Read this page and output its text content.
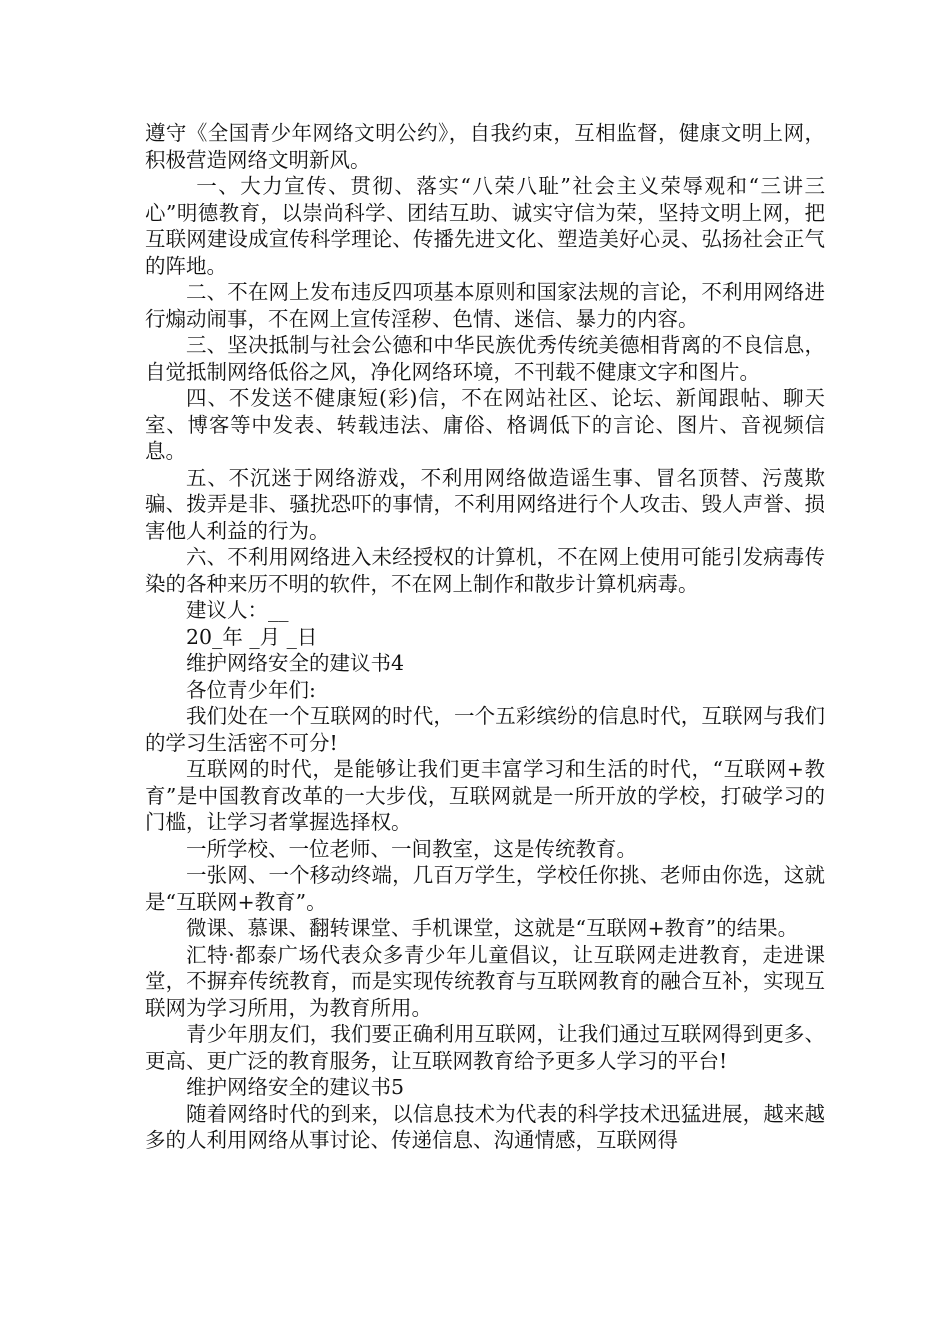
遵守《全国青少年网络文明公约》，自我约束，互相监督，健康文明上网，积极营造网络文明新风。

一、大力宣传、贯彻、落实“八荣八耻”社会主义荣辱观和“三讲三心”明德教育，以崇尚科学、团结互助、诚实守信为荣，坚持文明上网，把互联网建设成宣传科学理论、传播先进文化、塑造美好心灵、弘扬社会正气的阵地。

二、不在网上发布违反四项基本原则和国家法规的言论，不利用网络进行煽动闹事，不在网上宣传淫秽、色情、迷信、暴力的内容。

三、坚决抵制与社会公德和中华民族优秀传统美德相背离的不良信息，自觉抵制网络低俗之风，净化网络环境，不刊载不健康文字和图片。

四、不发送不健康短(彩)信，不在网站社区、论坛、新闻跟帖、聊天室、博客等中发表、转载违法、庸俗、格调低下的言论、图片、音视频信息。

五、不沉迷于网络游戏，不利用网络做造谣生事、冒名顶替、污蔑欺骗、拨弄是非、骚扰恐吓的事情，不利用网络进行个人攻击、毁人声誉、损害他人利益的行为。

六、不利用网络进入未经授权的计算机，不在网上使用可能引发病毒传染的各种来历不明的软件，不在网上制作和散步计算机病毒。

建议人：__

20_年 _月 _日

维护网络安全的建议书4

各位青少年们:

我们处在一个互联网的时代，一个五彩缤纷的信息时代，互联网与我们的学习生活密不可分!

互联网的时代，是能够让我们更丰富学习和生活的时代，“互联网+教育”是中国教育改革的一大步伐，互联网就是一所开放的学校，打破学习的门槛，让学习者掌握选择权。

一所学校、一位老师、一间教室，这是传统教育。

一张网、一个移动终端，几百万学生，学校任你挑、老师由你选，这就是“互联网+教育”。

微课、慕课、翻转课堂、手机课堂，这就是“互联网+教育”的结果。

汇特·都泰广场代表众多青少年儿童倡议，让互联网走进教育，走进课堂，不摒弃传统教育，而是实现传统教育与互联网教育的融合互补，实现互联网为学习所用，为教育所用。

青少年朋友们，我们要正确利用互联网，让我们通过互联网得到更多、更高、更广泛的教育服务，让互联网教育给予更多人学习的平台!

维护网络安全的建议书5

随着网络时代的到来，以信息技术为代表的科学技术迅猛进展，越来越多的人利用网络从事讨论、传递信息、沟通情感，互联网得
